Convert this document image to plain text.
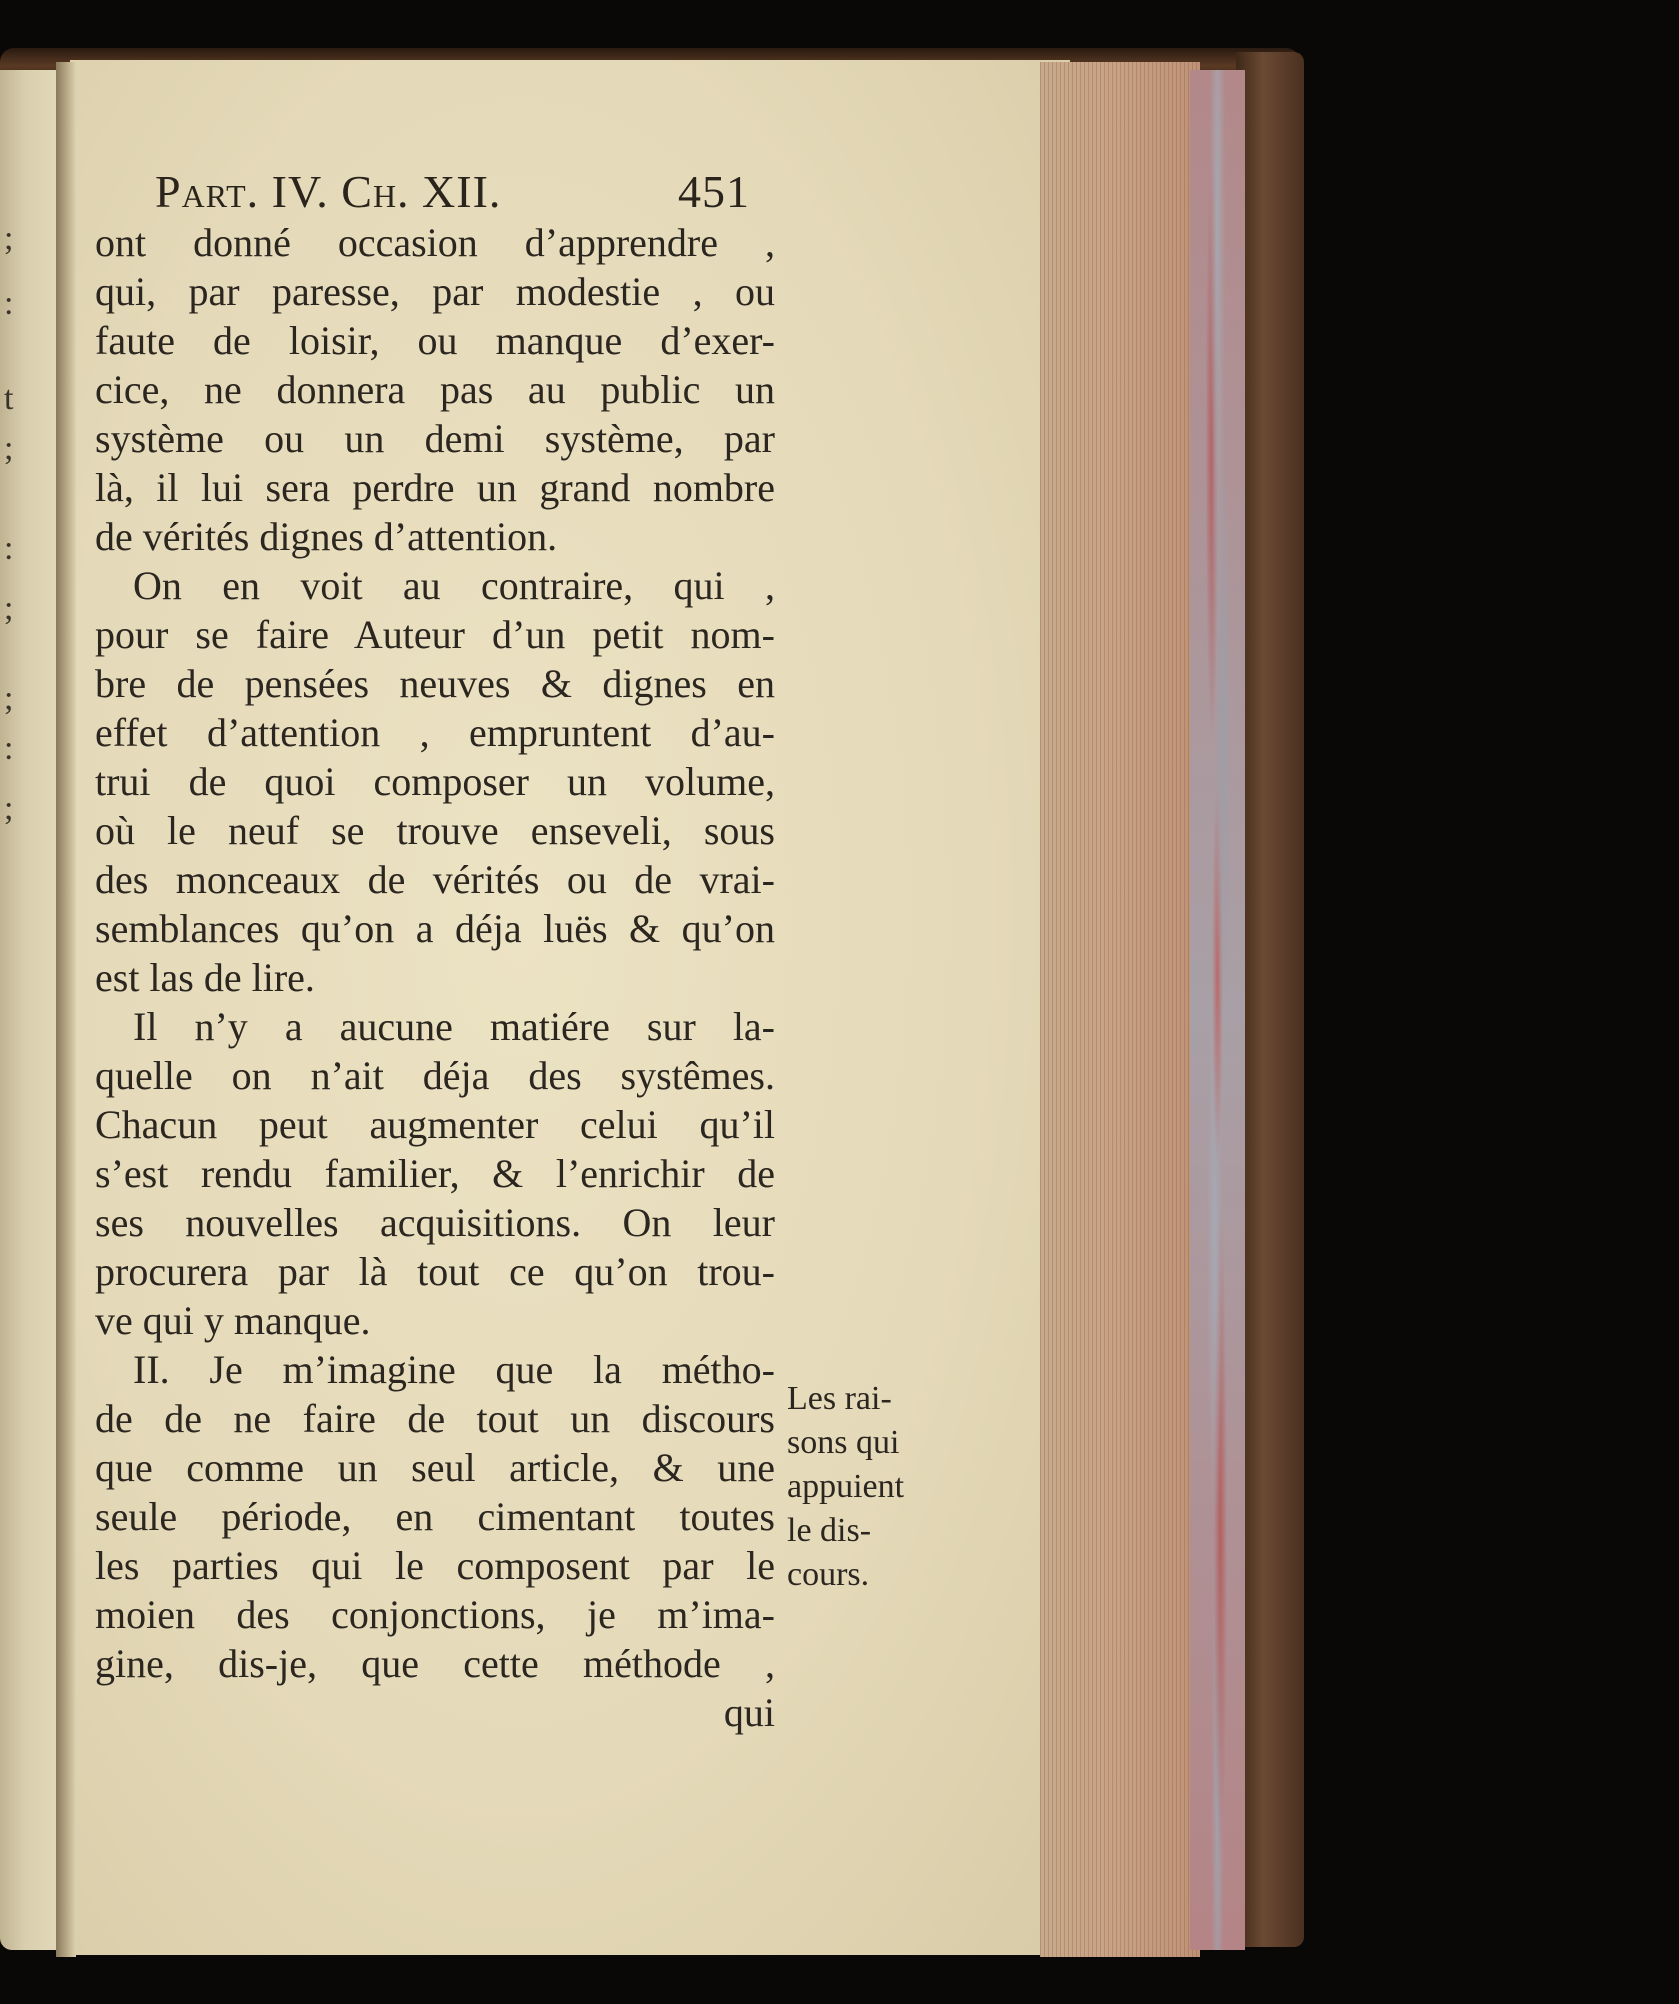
;
:
t
;
:
;
;
:
;
Part. IV. Ch. XII.	451
ont donné occasion d’apprendre ,
qui, par paresse, par modestie , ou
faute de loisir, ou manque d’exer-
cice, ne donnera pas au public un
système ou un demi système, par
là, il lui sera perdre un grand nombre
de vérités dignes d’attention.
On en voit au contraire, qui ,
pour se faire Auteur d’un petit nom-
bre de pensées neuves & dignes en
effet d’attention , empruntent d’au-
trui de quoi composer un volume,
où le neuf se trouve enseveli, sous
des monceaux de vérités ou de vrai-
semblances qu’on a déja luës & qu’on
est las de lire.
Il n’y a aucune matiére sur la-
quelle on n’ait déja des systêmes.
Chacun peut augmenter celui qu’il
s’est rendu familier, & l’enrichir de
ses nouvelles acquisitions. On leur
procurera par là tout ce qu’on trou-
ve qui y manque.
II. Je m’imagine que la métho-
de de ne faire de tout un discours
que comme un seul article, & une
seule période, en cimentant toutes
les parties qui le composent par le
moien des conjonctions, je m’ima-
gine, dis-je, que cette méthode ,
qui
Les rai-
sons qui
appuient
le dis-
cours.
